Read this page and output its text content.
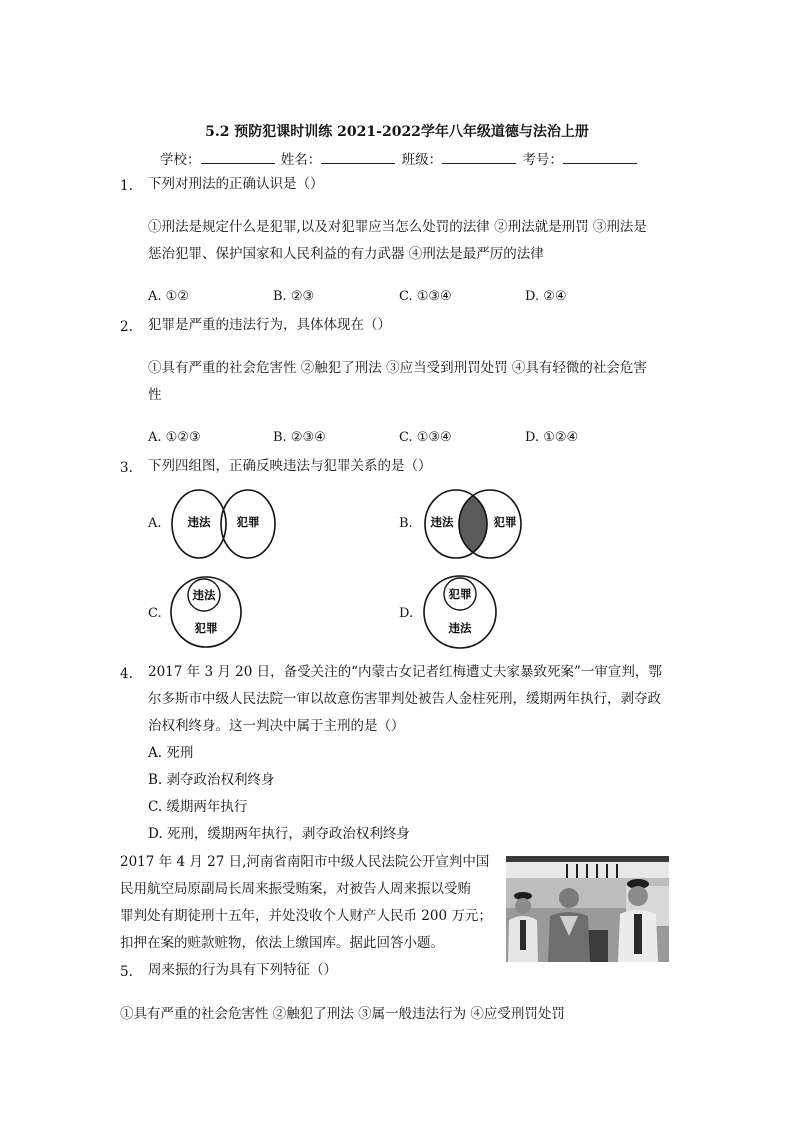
5.2 预防犯课时训练 2021-2022学年八年级道德与法治上册
学校：	姓名：	班级：	考号：
1. 下列对刑法的正确认识是（）
①刑法是规定什么是犯罪,以及对犯罪应当怎么处罚的法律 ②刑法就是刑罚 ③刑法是
惩治犯罪、保护国家和人民利益的有力武器 ④刑法是最严厉的法律
A. ①②	B. ②③	C. ①③④	D. ②④
2. 犯罪是严重的违法行为，具体体现在（）
①具有严重的社会危害性 ②触犯了刑法 ③应当受到刑罚处罚 ④具有轻微的社会危害
性
A. ①②③	B. ②③④	C. ①③④	D. ①②④
3. 下列四组图，正确反映违法与犯罪关系的是（）
A. 违法 犯罪	B. 违法	犯罪
C.
违法
犯罪
D.
犯罪
违法
4. 2017 年 3 月 20 日，备受关注的“内蒙古女记者红梅遭丈夫家暴致死案”一审宣判，鄂
尔多斯市中级人民法院一审以故意伤害罪判处被告人金柱死刑，缓期两年执行，剥夺政
治权利终身。这一判决中属于主刑的是（）
A. 死刑
B. 剥夺政治权利终身
C. 缓期两年执行
D. 死刑，缓期两年执行，剥夺政治权利终身
2017 年 4 月 27 日,河南省南阳市中级人民法院公开宣判中国
民用航空局原副局长周来振受贿案，对被告人周来振以受贿
罪判处有期徒刑十五年，并处没收个人财产人民币 200 万元；
扣押在案的赃款赃物，依法上缴国库。据此回答小题。
5. 周来振的行为具有下列特征（）
①具有严重的社会危害性 ②触犯了刑法 ③属一般违法行为 ④应受刑罚处罚
